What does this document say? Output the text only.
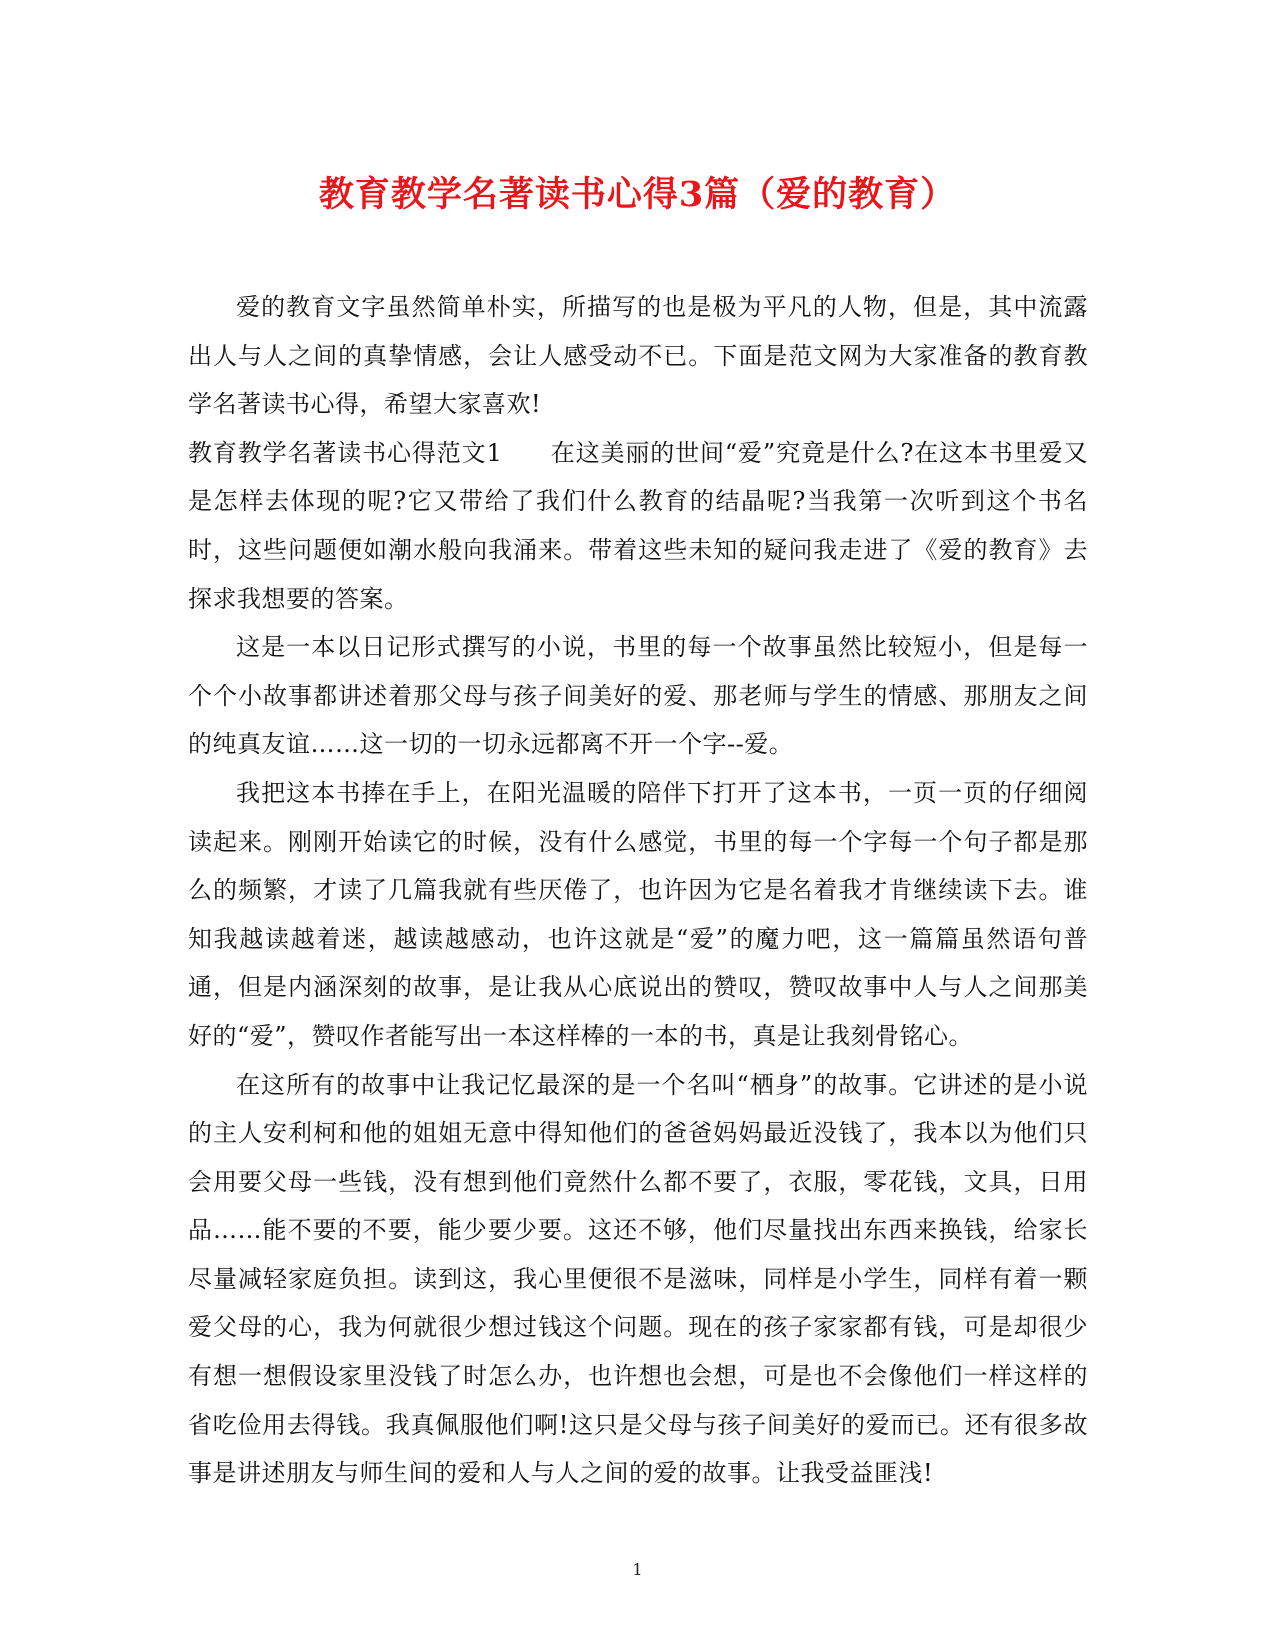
教育教学名著读书心得3篇（爱的教育）

爱的教育文字虽然简单朴实，所描写的也是极为平凡的人物，但是，其中流露出人与人之间的真挚情感，会让人感受动不已。下面是范文网为大家准备的教育教学名著读书心得，希望大家喜欢!

教育教学名著读书心得范文1 在这美丽的世间“爱”究竟是什么?在这本书里爱又是怎样去体现的呢?它又带给了我们什么教育的结晶呢?当我第一次听到这个书名时，这些问题便如潮水般向我涌来。带着这些未知的疑问我走进了《爱的教育》去探求我想要的答案。

这是一本以日记形式撰写的小说，书里的每一个故事虽然比较短小，但是每一个个小故事都讲述着那父母与孩子间美好的爱、那老师与学生的情感、那朋友之间的纯真友谊……这一切的一切永远都离不开一个字--爱。

我把这本书捧在手上，在阳光温暖的陪伴下打开了这本书，一页一页的仔细阅读起来。刚刚开始读它的时候，没有什么感觉，书里的每一个字每一个句子都是那么的频繁，才读了几篇我就有些厌倦了，也许因为它是名着我才肯继续读下去。谁知我越读越着迷，越读越感动，也许这就是“爱”的魔力吧，这一篇篇虽然语句普通，但是内涵深刻的故事，是让我从心底说出的赞叹，赞叹故事中人与人之间那美好的“爱”，赞叹作者能写出一本这样棒的一本的书，真是让我刻骨铭心。

在这所有的故事中让我记忆最深的是一个名叫“栖身”的故事。它讲述的是小说的主人安利柯和他的姐姐无意中得知他们的爸爸妈妈最近没钱了，我本以为他们只会用要父母一些钱，没有想到他们竟然什么都不要了，衣服，零花钱，文具，日用品……能不要的不要，能少要少要。这还不够，他们尽量找出东西来换钱，给家长尽量减轻家庭负担。读到这，我心里便很不是滋味，同样是小学生，同样有着一颗爱父母的心，我为何就很少想过钱这个问题。现在的孩子家家都有钱，可是却很少有想一想假设家里没钱了时怎么办，也许想也会想，可是也不会像他们一样这样的省吃俭用去得钱。我真佩服他们啊!这只是父母与孩子间美好的爱而已。还有很多故事是讲述朋友与师生间的爱和人与人之间的爱的故事。让我受益匪浅!

1
